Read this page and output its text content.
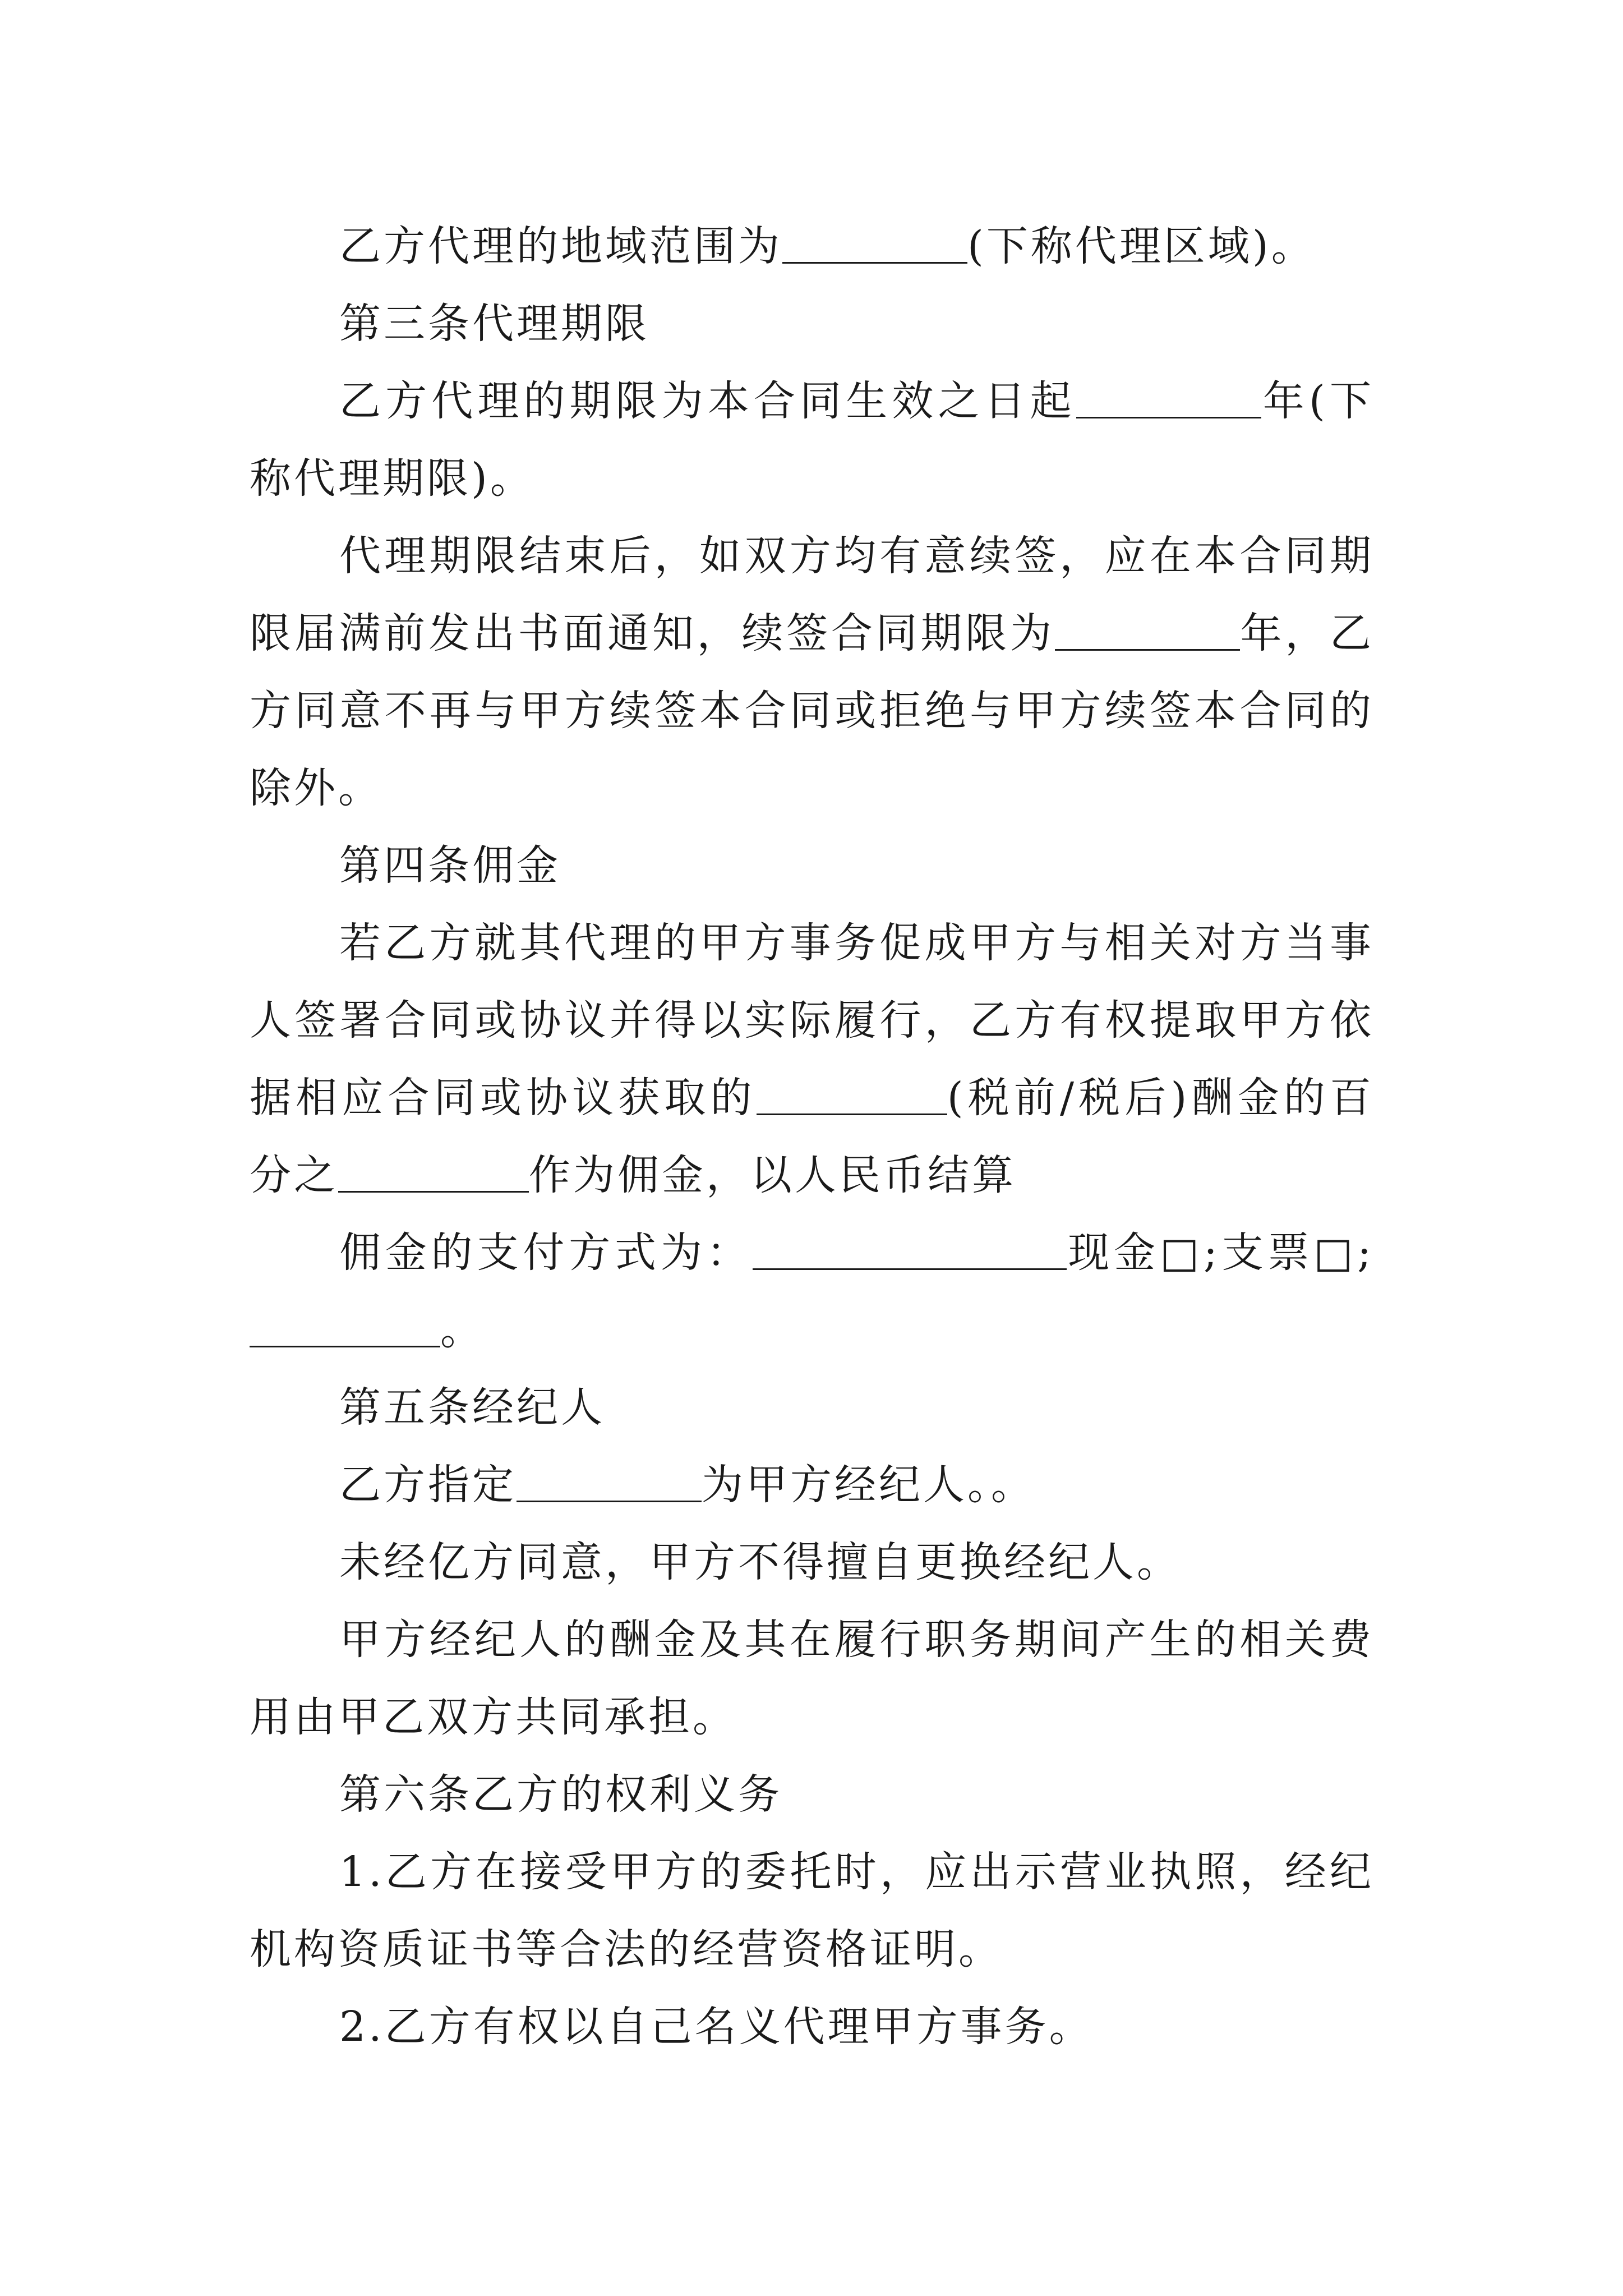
乙方代理的地域范围为	(下称代理区域)。

第三条代理期限

乙方代理的期限为本合同生效之日起	年(下称代理期限)。

代理期限结束后，如双方均有意续签，应在本合同期限届满前发出书面通知，续签合同期限为	年，乙方同意不再与甲方续签本合同或拒绝与甲方续签本合同的除外。

第四条佣金

若乙方就其代理的甲方事务促成甲方与相关对方当事人签署合同或协议并得以实际履行，乙方有权提取甲方依据相应合同或协议获取的	(税前/税后)酬金的百分之	作为佣金，以人民币结算

佣金的支付方式为：	现金□;支票□;。

第五条经纪人

乙方指定	为甲方经纪人。。

未经亿方同意，甲方不得擅自更换经纪人。

甲方经纪人的酬金及其在履行职务期间产生的相关费用由甲乙双方共同承担。

第六条乙方的权利义务

1.乙方在接受甲方的委托时，应出示营业执照，经纪机构资质证书等合法的经营资格证明。

2.乙方有权以自己名义代理甲方事务。
